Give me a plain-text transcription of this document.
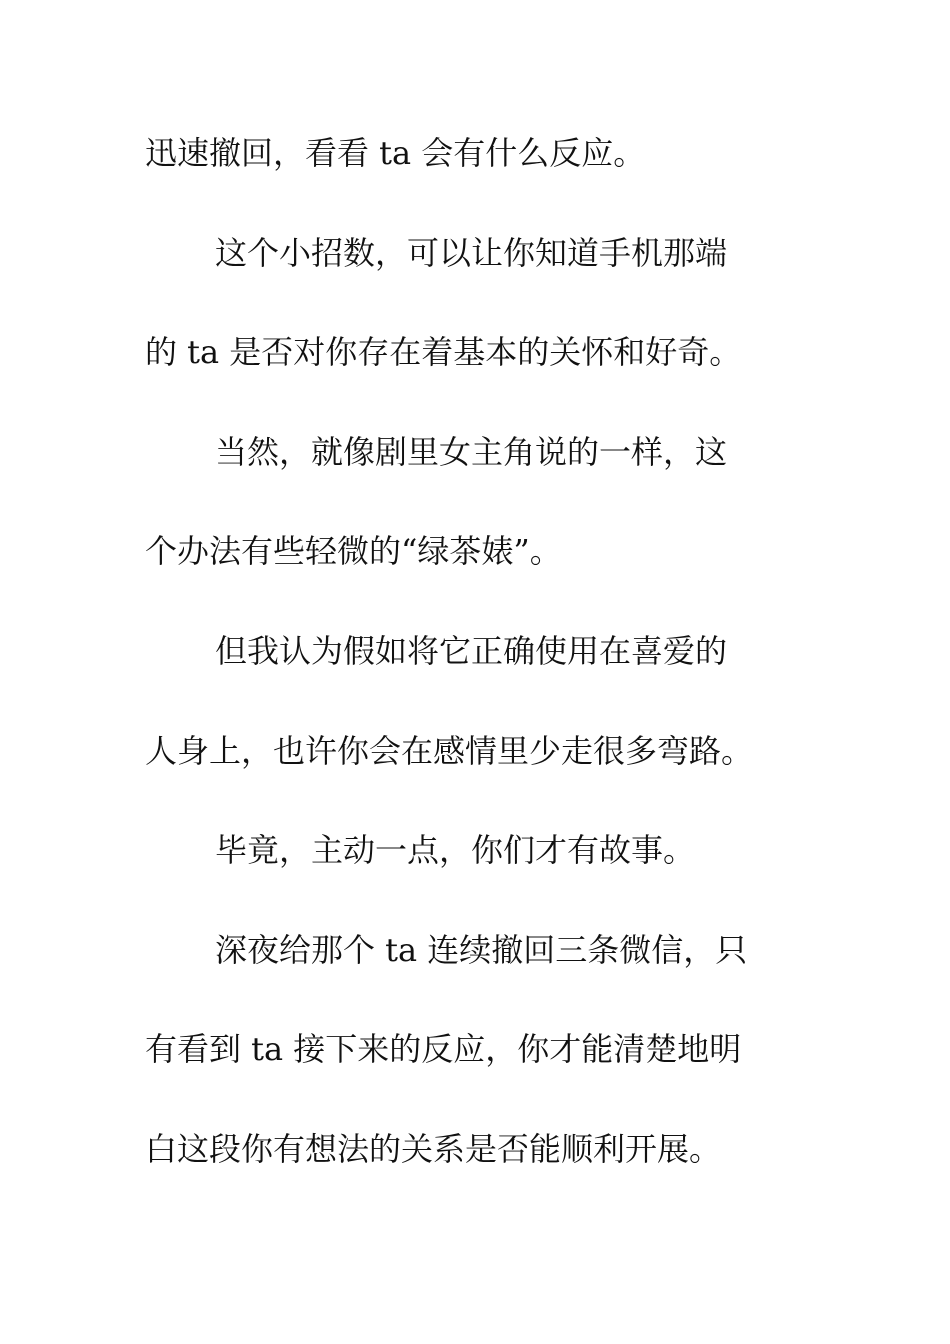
迅速撤回，看看 ta 会有什么反应。
这个小招数，可以让你知道手机那端
的 ta 是否对你存在着基本的关怀和好奇。
当然，就像剧里女主角说的一样，这
个办法有些轻微的“绿茶婊”。
但我认为假如将它正确使用在喜爱的
人身上，也许你会在感情里少走很多弯路。
毕竟，主动一点，你们才有故事。
深夜给那个 ta 连续撤回三条微信，只
有看到 ta 接下来的反应，你才能清楚地明
白这段你有想法的关系是否能顺利开展。
